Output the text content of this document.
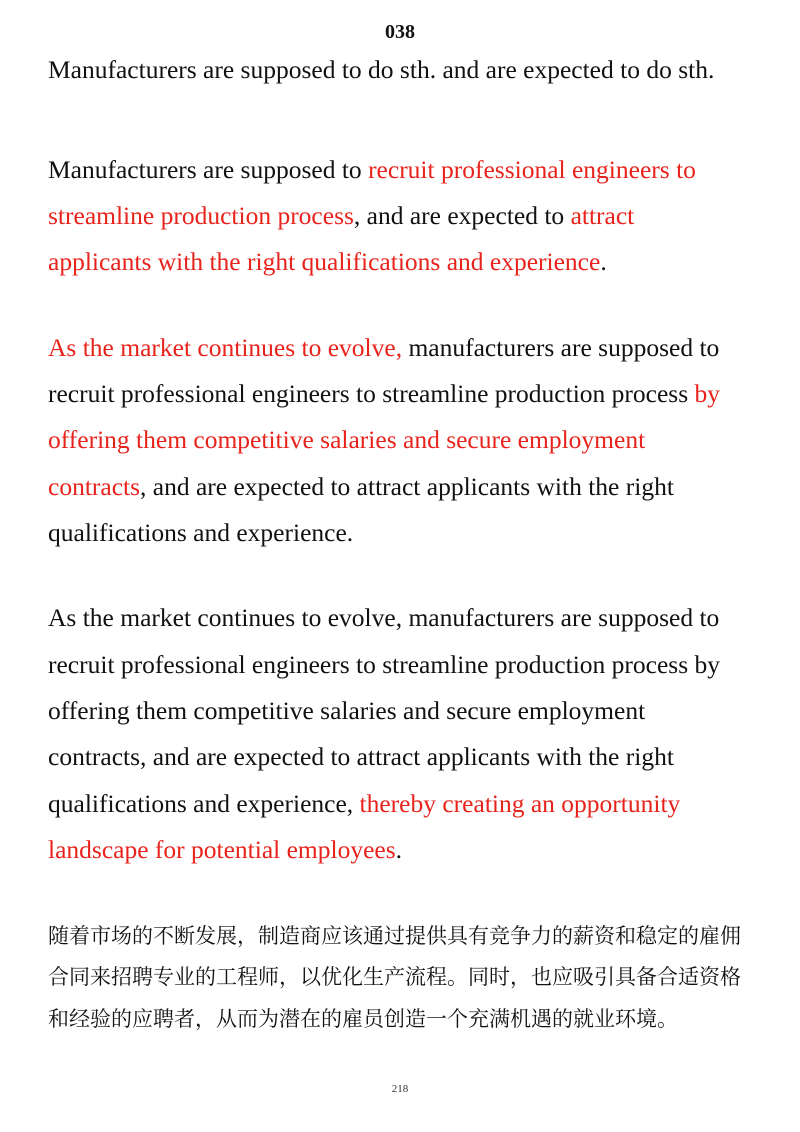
038
Manufacturers are supposed to do sth. and are expected to do sth.
Manufacturers are supposed to recruit professional engineers to
streamline production process, and are expected to attract
applicants with the right qualifications and experience.
As the market continues to evolve, manufacturers are supposed to
recruit professional engineers to streamline production process by
offering them competitive salaries and secure employment
contracts, and are expected to attract applicants with the right
qualifications and experience.
As the market continues to evolve, manufacturers are supposed to
recruit professional engineers to streamline production process by
offering them competitive salaries and secure employment
contracts, and are expected to attract applicants with the right
qualifications and experience, thereby creating an opportunity
landscape for potential employees.
随着市场的不断发展，制造商应该通过提供具有竞争力的薪资和稳定的雇佣
合同来招聘专业的工程师，以优化生产流程。同时，也应吸引具备合适资格
和经验的应聘者，从而为潜在的雇员创造一个充满机遇的就业环境。
218
